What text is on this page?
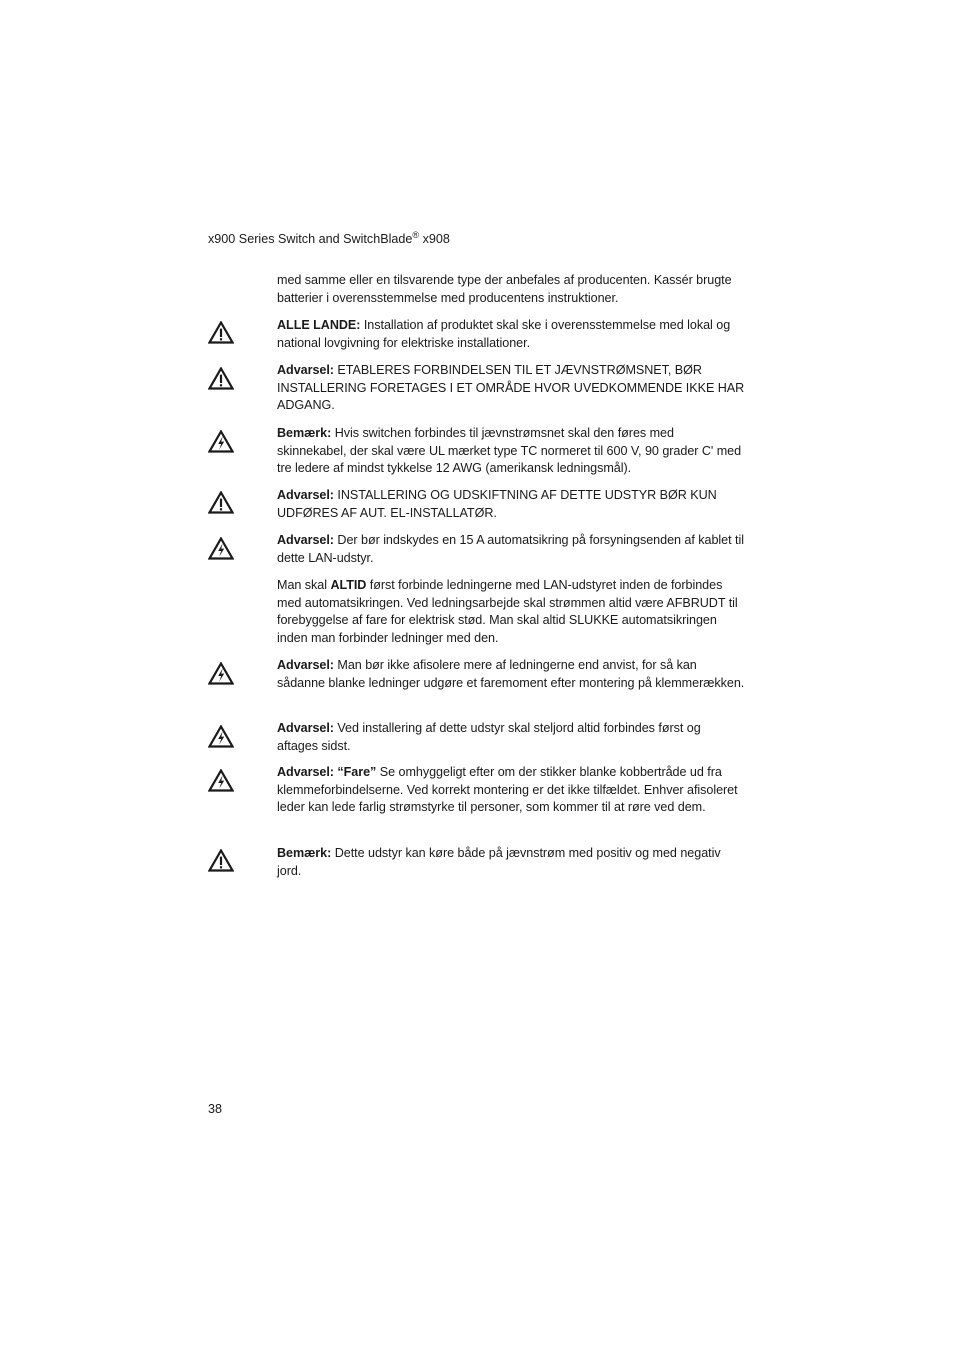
x900 Series Switch and SwitchBlade® x908
med samme eller en tilsvarende type der anbefales af producenten. Kassér brugte batterier i overensstemmelse med producentens instruktioner.
ALLE LANDE: Installation af produktet skal ske i overensstemmelse med lokal og national lovgivning for elektriske installationer.
Advarsel: ETABLERES FORBINDELSEN TIL ET JÆVNSTRØMSNET, BØR INSTALLERING FORETAGES I ET OMRÅDE HVOR UVEDKOMMENDE IKKE HAR ADGANG.
Bemærk: Hvis switchen forbindes til jævnstrømsnet skal den føres med skinnekabel, der skal være UL mærket type TC normeret til 600 V, 90 grader C' med tre ledere af mindst tykkelse 12 AWG (amerikansk ledningsmål).
Advarsel: INSTALLERING OG UDSKIFTNING AF DETTE UDSTYR BØR KUN UDFØRES AF AUT. EL-INSTALLATØR.
Advarsel: Der bør indskydes en 15 A automatsikring på forsyningsenden af kablet til dette LAN-udstyr.
Man skal ALTID først forbinde ledningerne med LAN-udstyret inden de forbindes med automatsikringen. Ved ledningsarbejde skal strømmen altid være AFBRUDT til forebyggelse af fare for elektrisk stød. Man skal altid SLUKKE automatsikringen inden man forbinder ledninger med den.
Advarsel: Man bør ikke afisolere mere af ledningerne end anvist, for så kan sådanne blanke ledninger udgøre et faremoment efter montering på klemmerækken.
Advarsel: Ved installering af dette udstyr skal steljord altid forbindes først og aftages sidst.
Advarsel: “Fare” Se omhyggeligt efter om der stikker blanke kobbertråde ud fra klemmeforbindelserne. Ved korrekt montering er det ikke tilfældet. Enhver afisoleret leder kan lede farlig strømstyrke til personer, som kommer til at røre ved dem.
Bemærk: Dette udstyr kan køre både på jævnstrøm med positiv og med negativ jord.
38
